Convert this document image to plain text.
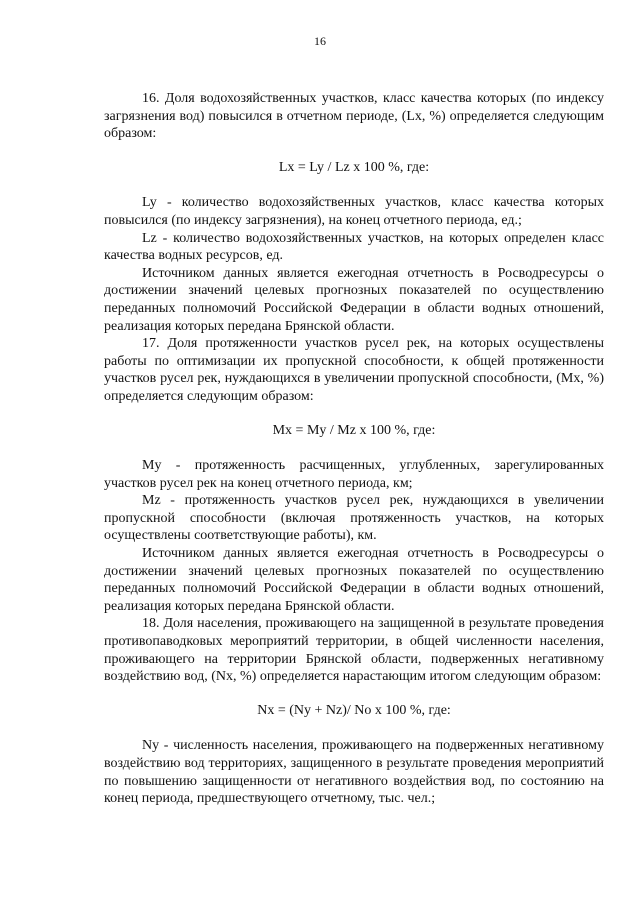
16

16. Доля водохозяйственных участков, класс качества которых (по индексу загрязнения вод) повысился в отчетном периоде, (Lx, %) определяется следующим образом:

Lx = Ly / Lz x 100 %, где:

Ly - количество водохозяйственных участков, класс качества которых повысился (по индексу загрязнения), на конец отчетного периода, ед.;

Lz - количество водохозяйственных участков, на которых определен класс качества водных ресурсов, ед.

Источником данных является ежегодная отчетность в Росводресурсы о достижении значений целевых прогнозных показателей по осуществлению переданных полномочий Российской Федерации в области водных отношений, реализация которых передана Брянской области.

17. Доля протяженности участков русел рек, на которых осуществлены работы по оптимизации их пропускной способности, к общей протяженности участков русел рек, нуждающихся в увеличении пропускной способности, (Mx, %) определяется следующим образом:

Mx = My / Mz x 100 %, где:

My - протяженность расчищенных, углубленных, зарегулированных участков русел рек на конец отчетного периода, км;

Mz - протяженность участков русел рек, нуждающихся в увеличении пропускной способности (включая протяженность участков, на которых осуществлены соответствующие работы), км.

Источником данных является ежегодная отчетность в Росводресурсы о достижении значений целевых прогнозных показателей по осуществлению переданных полномочий Российской Федерации в области водных отношений, реализация которых передана Брянской области.

18. Доля населения, проживающего на защищенной в результате проведения противопаводковых мероприятий территории, в общей численности населения, проживающего на территории Брянской области, подверженных негативному воздействию вод, (Nx, %) определяется нарастающим итогом следующим образом:

Nx = (Ny + Nz)/ No x 100 %, где:

Ny - численность населения, проживающего на подверженных негативному воздействию вод территориях, защищенного в результате проведения мероприятий по повышению защищенности от негативного воздействия вод, по состоянию на конец периода, предшествующего отчетному, тыс. чел.;
